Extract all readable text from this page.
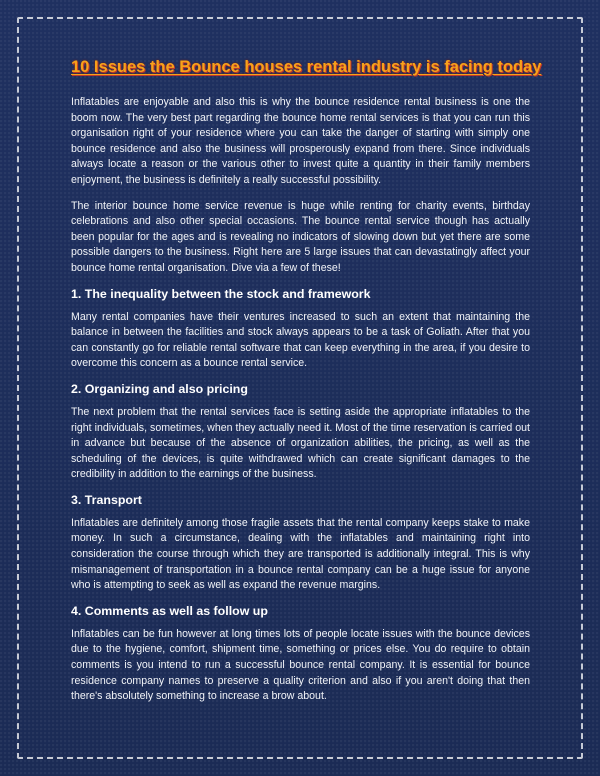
10 Issues the Bounce houses rental industry is facing today

Inflatables are enjoyable and also this is why the bounce residence rental business is one the boom now. The very best part regarding the bounce home rental services is that you can run this organisation right of your residence where you can take the danger of starting with simply one bounce residence and also the business will prosperously expand from there. Since individuals always locate a reason or the various other to invest quite a quantity in their family members enjoyment, the business is definitely a really successful possibility.

The interior bounce home service revenue is huge while renting for charity events, birthday celebrations and also other special occasions. The bounce rental service though has actually been popular for the ages and is revealing no indicators of slowing down but yet there are some possible dangers to the business. Right here are 5 large issues that can devastatingly affect your bounce home rental organisation. Dive via a few of these!

1. The inequality between the stock and framework

Many rental companies have their ventures increased to such an extent that maintaining the balance in between the facilities and stock always appears to be a task of Goliath. After that you can constantly go for reliable rental software that can keep everything in the area, if you desire to overcome this concern as a bounce rental service.

2. Organizing and also pricing

The next problem that the rental services face is setting aside the appropriate inflatables to the right individuals, sometimes, when they actually need it. Most of the time reservation is carried out in advance but because of the absence of organization abilities, the pricing, as well as the scheduling of the devices, is quite withdrawed which can create significant damages to the credibility in addition to the earnings of the business.

3. Transport

Inflatables are definitely among those fragile assets that the rental company keeps stake to make money. In such a circumstance, dealing with the inflatables and maintaining right into consideration the course through which they are transported is additionally integral. This is why mismanagement of transportation in a bounce rental company can be a huge issue for anyone who is attempting to seek as well as expand the revenue margins.

4. Comments as well as follow up

Inflatables can be fun however at long times lots of people locate issues with the bounce devices due to the hygiene, comfort, shipment time, something or prices else. You do require to obtain comments is you intend to run a successful bounce rental company. It is essential for bounce residence company names to preserve a quality criterion and also if you aren't doing that then there's absolutely something to increase a brow about.
